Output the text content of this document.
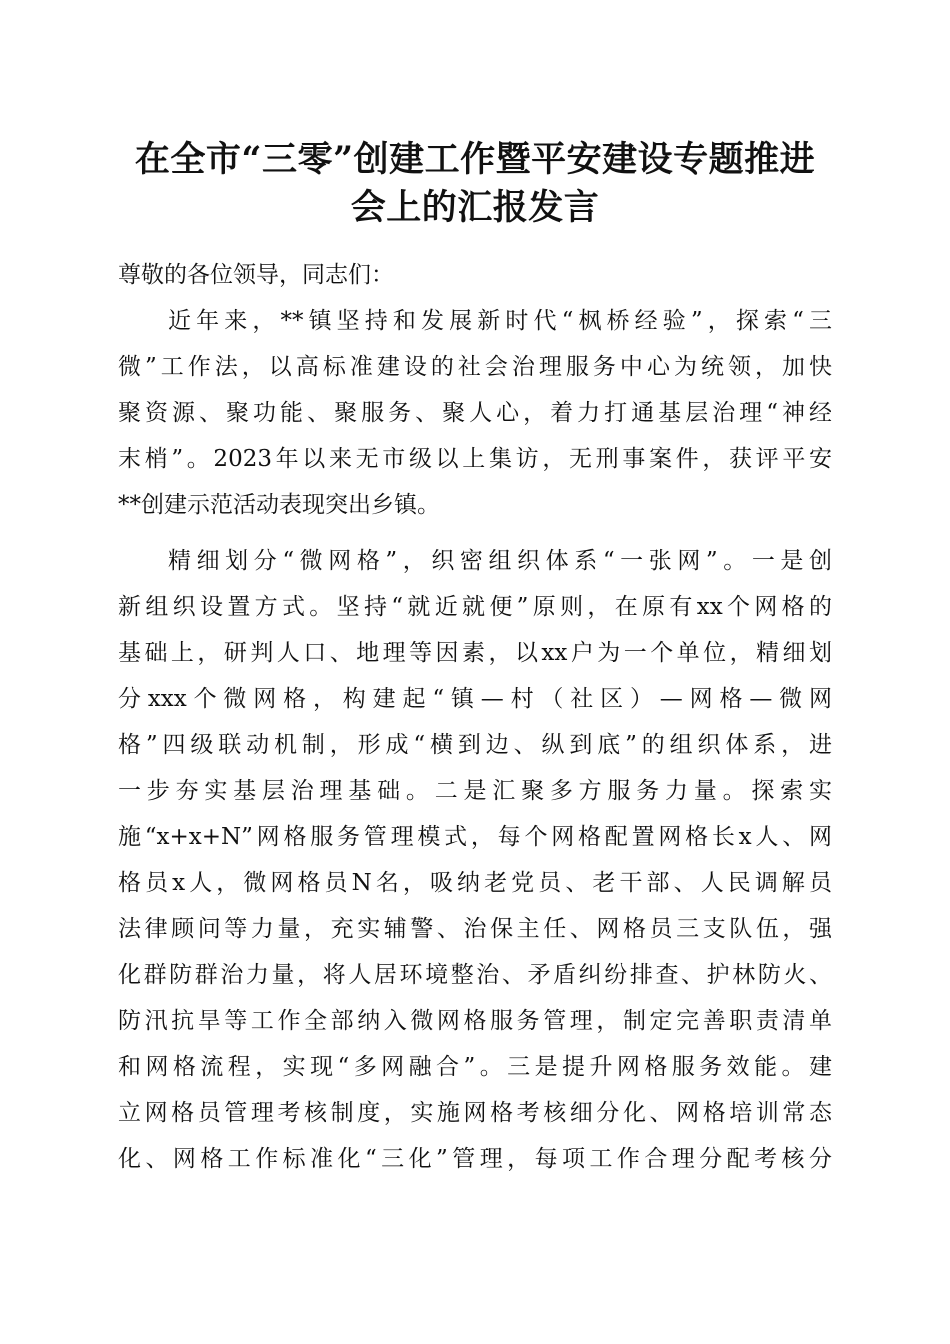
在全市“三零”创建工作暨平安建设专题推进
会上的汇报发言
尊敬的各位领导，同志们：
近年来，**镇坚持和发展新时代“枫桥经验”，探索“三
微”工作法，以高标准建设的社会治理服务中心为统领，加快
聚资源、聚功能、聚服务、聚人心，着力打通基层治理“神经
末梢”。2023年以来无市级以上集访，无刑事案件，获评平安
**创建示范活动表现突出乡镇。
精细划分“微网格”，织密组织体系“一张网”。一是创
新组织设置方式。坚持“就近就便”原则，在原有xx个网格的
基础上，研判人口、地理等因素，以xx户为一个单位，精细划
分xxx个微网格，构建起“镇—村（社区）—网格—微网
格”四级联动机制，形成“横到边、纵到底”的组织体系，进
一步夯实基层治理基础。二是汇聚多方服务力量。探索实
施“x+x+N”网格服务管理模式，每个网格配置网格长x人、网
格员x人，微网格员N名，吸纳老党员、老干部、人民调解员
法律顾问等力量，充实辅警、治保主任、网格员三支队伍，强
化群防群治力量，将人居环境整治、矛盾纠纷排查、护林防火、
防汛抗旱等工作全部纳入微网格服务管理，制定完善职责清单
和网格流程，实现“多网融合”。三是提升网格服务效能。建
立网格员管理考核制度，实施网格考核细分化、网格培训常态
化、网格工作标准化“三化”管理，每项工作合理分配考核分
